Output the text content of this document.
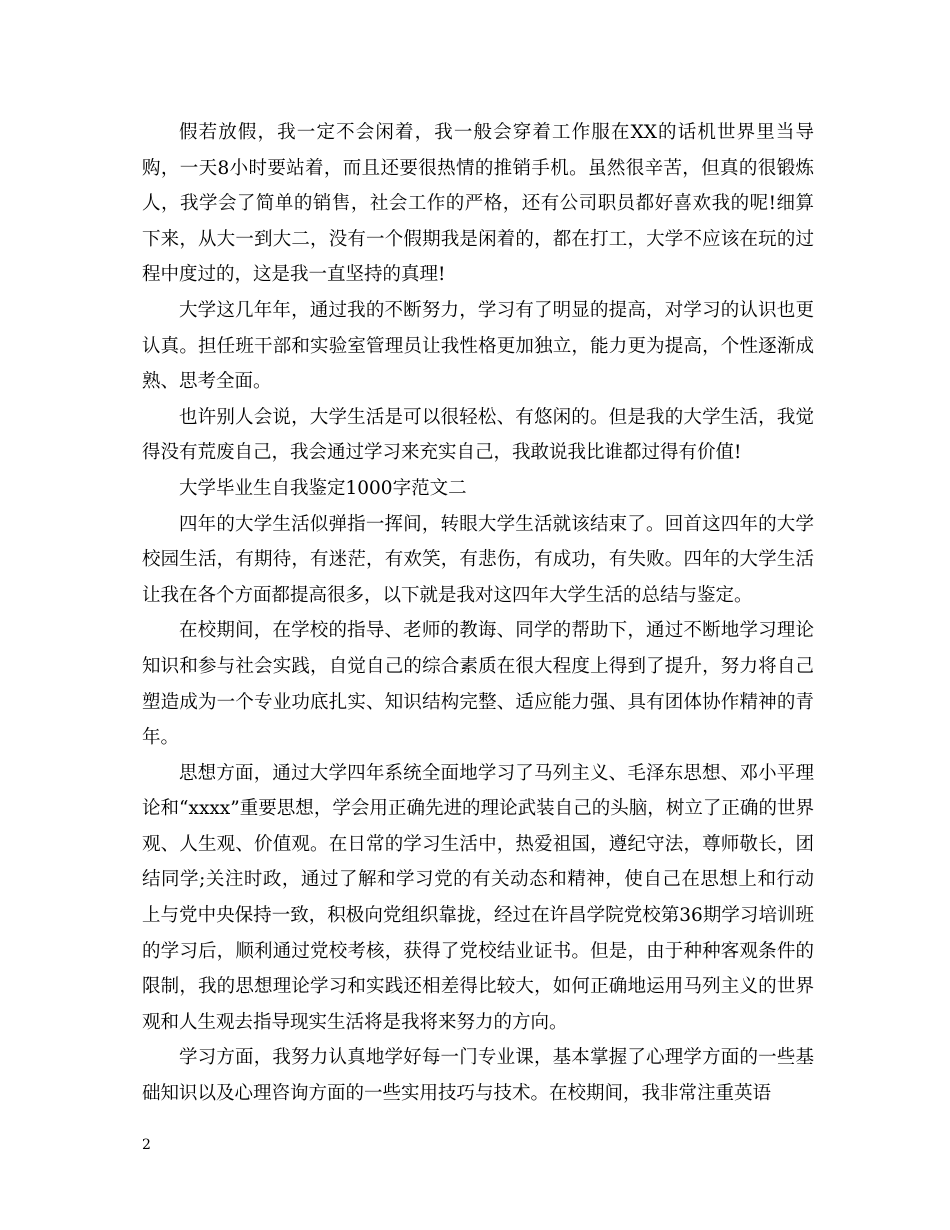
假若放假，我一定不会闲着，我一般会穿着工作服在XX的话机世界里当导购，一天8小时要站着，而且还要很热情的推销手机。虽然很辛苦，但真的很锻炼人，我学会了简单的销售，社会工作的严格，还有公司职员都好喜欢我的呢!细算下来，从大一到大二，没有一个假期我是闲着的，都在打工，大学不应该在玩的过程中度过的，这是我一直坚持的真理!

大学这几年年，通过我的不断努力，学习有了明显的提高，对学习的认识也更认真。担任班干部和实验室管理员让我性格更加独立，能力更为提高，个性逐渐成熟、思考全面。

也许别人会说，大学生活是可以很轻松、有悠闲的。但是我的大学生活，我觉得没有荒废自己，我会通过学习来充实自己，我敢说我比谁都过得有价值!

大学毕业生自我鉴定1000字范文二

四年的大学生活似弹指一挥间，转眼大学生活就该结束了。回首这四年的大学校园生活，有期待，有迷茫，有欢笑，有悲伤，有成功，有失败。四年的大学生活让我在各个方面都提高很多，以下就是我对这四年大学生活的总结与鉴定。

在校期间，在学校的指导、老师的教诲、同学的帮助下，通过不断地学习理论知识和参与社会实践，自觉自己的综合素质在很大程度上得到了提升，努力将自己塑造成为一个专业功底扎实、知识结构完整、适应能力强、具有团体协作精神的青年。

思想方面，通过大学四年系统全面地学习了马列主义、毛泽东思想、邓小平理论和“xxxx”重要思想，学会用正确先进的理论武装自己的头脑，树立了正确的世界观、人生观、价值观。在日常的学习生活中，热爱祖国，遵纪守法，尊师敬长，团结同学;关注时政，通过了解和学习党的有关动态和精神，使自己在思想上和行动上与党中央保持一致，积极向党组织靠拢，经过在许昌学院党校第36期学习培训班的学习后，顺利通过党校考核，获得了党校结业证书。但是，由于种种客观条件的限制，我的思想理论学习和实践还相差得比较大，如何正确地运用马列主义的世界观和人生观去指导现实生活将是我将来努力的方向。

学习方面，我努力认真地学好每一门专业课，基本掌握了心理学方面的一些基础知识以及心理咨询方面的一些实用技巧与技术。在校期间，我非常注重英语

2
